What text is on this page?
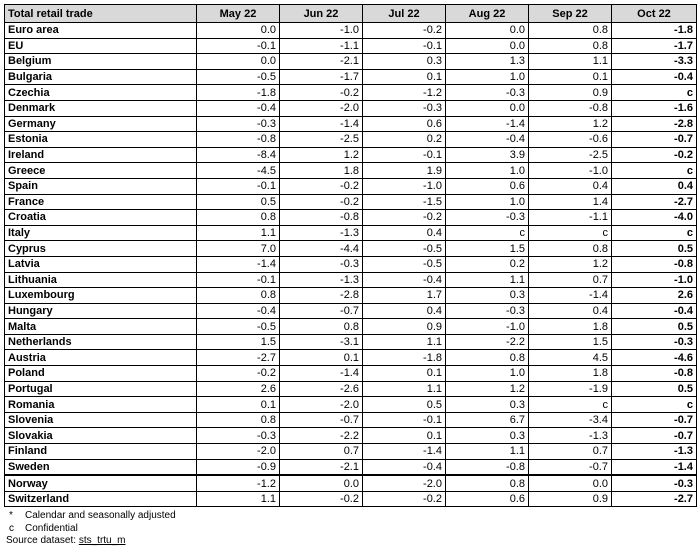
Total retail trade	May 22	Jun 22	Jul 22	Aug 22	Sep 22	Oct 22
Euro area	0.0	-1.0	-0.2	0.0	0.8	-1.8
EU	-0.1	-1.1	-0.1	0.0	0.8	-1.7
Belgium	0.0	-2.1	0.3	1.3	1.1	-3.3
Bulgaria	-0.5	-1.7	0.1	1.0	0.1	-0.4
Czechia	-1.8	-0.2	-1.2	-0.3	0.9	c
Denmark	-0.4	-2.0	-0.3	0.0	-0.8	-1.6
Germany	-0.3	-1.4	0.6	-1.4	1.2	-2.8
Estonia	-0.8	-2.5	0.2	-0.4	-0.6	-0.7
Ireland	-8.4	1.2	-0.1	3.9	-2.5	-0.2
Greece	-4.5	1.8	1.9	1.0	-1.0	c
Spain	-0.1	-0.2	-1.0	0.6	0.4	0.4
France	0.5	-0.2	-1.5	1.0	1.4	-2.7
Croatia	0.8	-0.8	-0.2	-0.3	-1.1	-4.0
Italy	1.1	-1.3	0.4	c	c	c
Cyprus	7.0	-4.4	-0.5	1.5	0.8	0.5
Latvia	-1.4	-0.3	-0.5	0.2	1.2	-0.8
Lithuania	-0.1	-1.3	-0.4	1.1	0.7	-1.0
Luxembourg	0.8	-2.8	1.7	0.3	-1.4	2.6
Hungary	-0.4	-0.7	0.4	-0.3	0.4	-0.4
Malta	-0.5	0.8	0.9	-1.0	1.8	0.5
Netherlands	1.5	-3.1	1.1	-2.2	1.5	-0.3
Austria	-2.7	0.1	-1.8	0.8	4.5	-4.6
Poland	-0.2	-1.4	0.1	1.0	1.8	-0.8
Portugal	2.6	-2.6	1.1	1.2	-1.9	0.5
Romania	0.1	-2.0	0.5	0.3	c	c
Slovenia	0.8	-0.7	-0.1	6.7	-3.4	-0.7
Slovakia	-0.3	-2.2	0.1	0.3	-1.3	-0.7
Finland	-2.0	0.7	-1.4	1.1	0.7	-1.3
Sweden	-0.9	-2.1	-0.4	-0.8	-0.7	-1.4
Norway	-1.2	0.0	-2.0	0.8	0.0	-0.3
Switzerland	1.1	-0.2	-0.2	0.6	0.9	-2.7
* Calendar and seasonally adjusted
c Confidential
Source dataset: sts_trtu_m
